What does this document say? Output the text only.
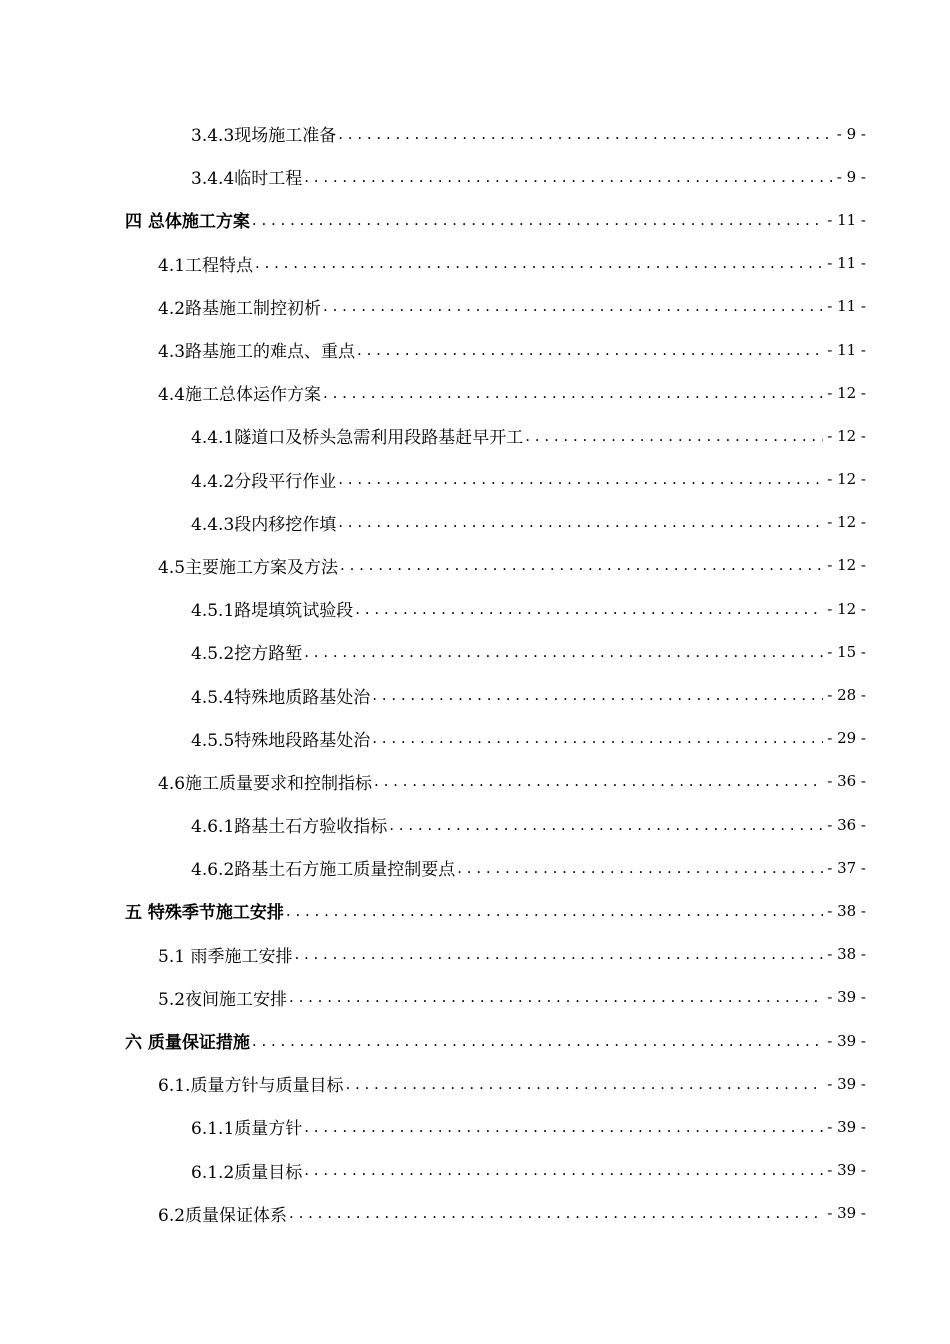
3.4.3现场施工准备 . . .	- 9 -
3.4.4临时工程 . . .	- 9 -
四 总体施工方案 . . .	- 11 -
4.1工程特点 . . .	- 11 -
4.2路基施工制控初析 . . .	- 11 -
4.3路基施工的难点、重点 . . .	- 11 -
4.4施工总体运作方案 . . .	- 12 -
4.4.1隧道口及桥头急需利用段路基赶早开工 . . .	- 12 -
4.4.2分段平行作业 . . .	- 12 -
4.4.3段内移挖作填 . . .	- 12 -
4.5主要施工方案及方法 . . .	- 12 -
4.5.1路堤填筑试验段 . . .	- 12 -
4.5.2挖方路堑 . . .	- 15 -
4.5.4特殊地质路基处治 . . .	- 28 -
4.5.5特殊地段路基处治 . . .	- 29 -
4.6施工质量要求和控制指标 . . .	- 36 -
4.6.1路基土石方验收指标 . . .	- 36 -
4.6.2路基土石方施工质量控制要点 . . .	- 37 -
五 特殊季节施工安排 . . .	- 38 -
5.1 雨季施工安排 . . .	- 38 -
5.2夜间施工安排 . . .	- 39 -
六 质量保证措施 . . .	- 39 -
6.1.质量方针与质量目标 . . .	- 39 -
6.1.1质量方针 . . .	- 39 -
6.1.2质量目标 . . .	- 39 -
6.2质量保证体系 . . .	- 39 -
